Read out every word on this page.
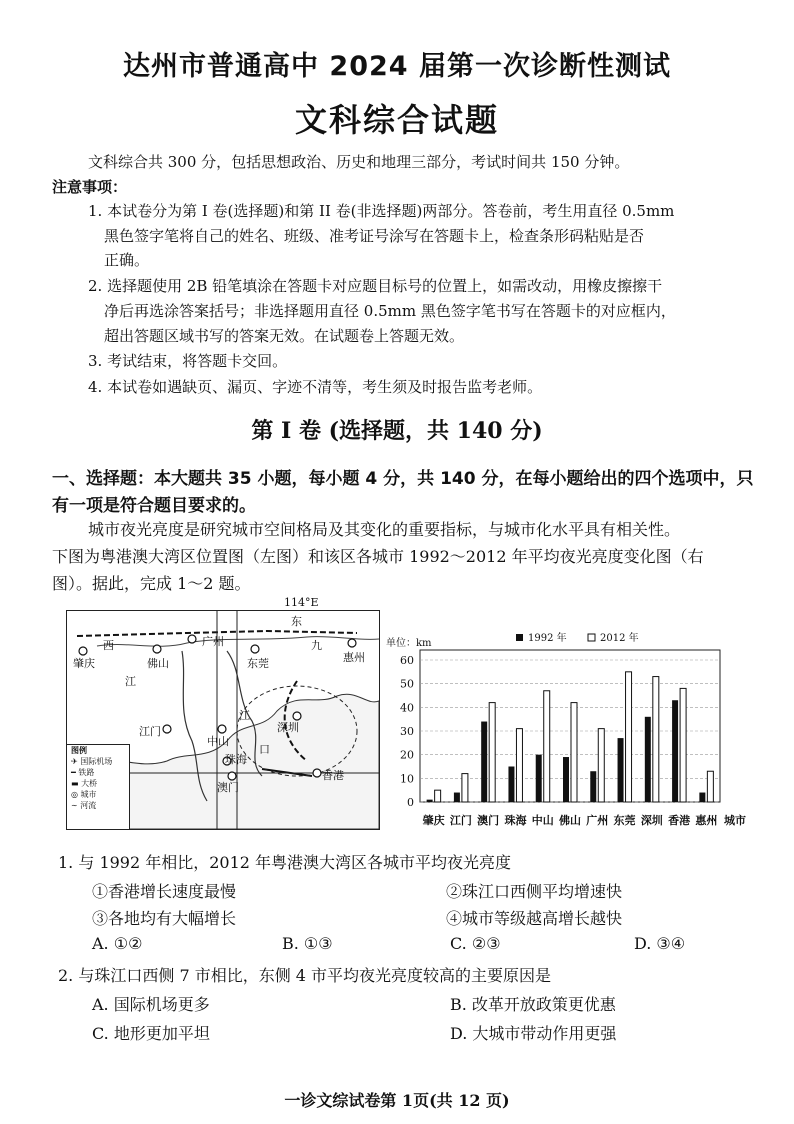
达州市普通高中 2024 届第一次诊断性测试
文科综合试题
文科综合共 300 分，包括思想政治、历史和地理三部分，考试时间共 150 分钟。
注意事项：
1. 本试卷分为第 I 卷(选择题)和第 II 卷(非选择题)两部分。答卷前，考生用直径 0.5mm
黑色签字笔将自己的姓名、班级、准考证号涂写在答题卡上，检查条形码粘贴是否
正确。
2. 选择题使用 2B 铅笔填涂在答题卡对应题目标号的位置上，如需改动，用橡皮擦擦干
净后再选涂答案括号；非选择题用直径 0.5mm 黑色签字笔书写在答题卡的对应框内，
超出答题区域书写的答案无效。在试题卷上答题无效。
3. 考试结束，将答题卡交回。
4. 本试卷如遇缺页、漏页、字迹不清等，考生须及时报告监考老师。
第 I 卷 (选择题，共 140 分)
一、选择题：本大题共 35 小题，每小题 4 分，共 140 分，在每小题给出的四个选项中，只
有一项是符合题目要求的。
城市夜光亮度是研究城市空间格局及其变化的重要指标，与城市化水平具有相关性。
下图为粤港澳大湾区位置图（左图）和该区各城市 1992～2012 年平均夜光亮度变化图（右
图）。据此，完成 1～2 题。
114°E
肇庆	佛山
广州
东莞	惠州
江门
中山
深圳
珠海
澳门
香港
西
江
东
九
江
口
图例
✈ 国际机场
━ 铁路
▬ 大桥
◎ 城市
∼ 河流
单位：km
0
10
20
30
40
50
60
1992 年	2012 年
肇庆 江门 澳门 珠海 中山 佛山 广州 东莞 深圳 香港 惠州 城市
1. 与 1992 年相比，2012 年粤港澳大湾区各城市平均夜光亮度
①香港增长速度最慢	②珠江口西侧平均增速快
③各地均有大幅增长	④城市等级越高增长越快
A. ①②	B. ①③	C. ②③	D. ③④
2. 与珠江口西侧 7 市相比，东侧 4 市平均夜光亮度较高的主要原因是
A. 国际机场更多	B. 改革开放政策更优惠
C. 地形更加平坦	D. 大城市带动作用更强
一诊文综试卷第 1页(共 12 页)
